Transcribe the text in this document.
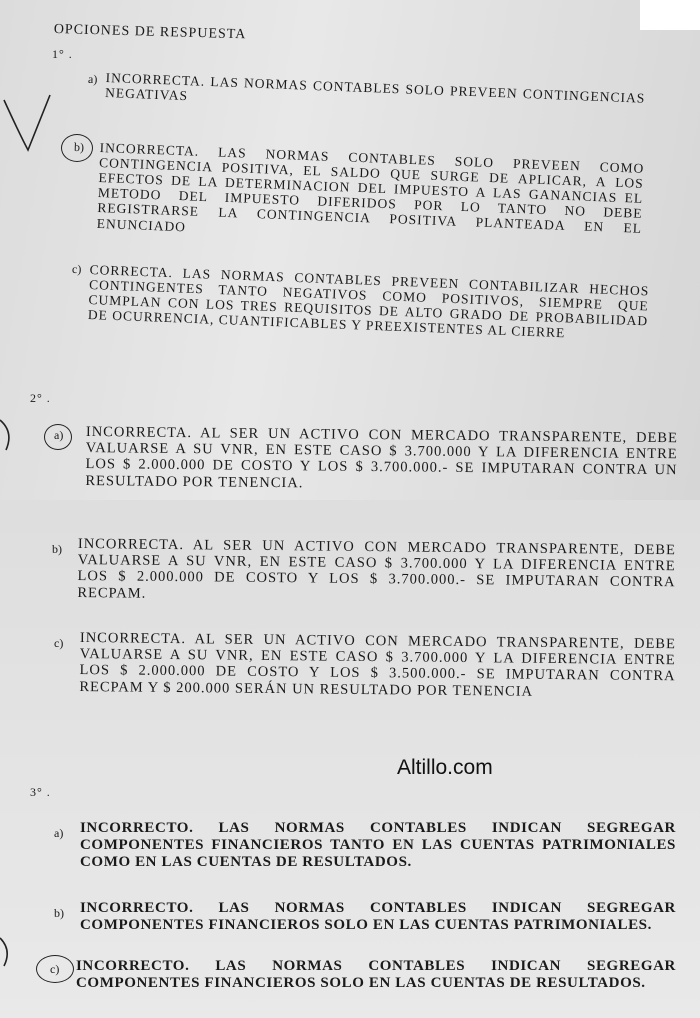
OPCIONES DE RESPUESTA

1° .

a) INCORRECTA. LAS NORMAS CONTABLES SOLO PREVEEN CONTINGENCIAS NEGATIVAS

b) INCORRECTA. LAS NORMAS CONTABLES SOLO PREVEEN COMO CONTINGENCIA POSITIVA, EL SALDO QUE SURGE DE APLICAR, A LOS EFECTOS DE LA DETERMINACION DEL IMPUESTO A LAS GANANCIAS EL METODO DEL IMPUESTO DIFERIDOS POR LO TANTO NO DEBE REGISTRARSE LA CONTINGENCIA POSITIVA PLANTEADA EN EL ENUNCIADO

c) CORRECTA. LAS NORMAS CONTABLES PREVEEN CONTABILIZAR HECHOS CONTINGENTES TANTO NEGATIVOS COMO POSITIVOS, SIEMPRE QUE CUMPLAN CON LOS TRES REQUISITOS DE ALTO GRADO DE PROBABILIDAD DE OCURRENCIA, CUANTIFICABLES Y PREEXISTENTES AL CIERRE

2° .

a) INCORRECTA. AL SER UN ACTIVO CON MERCADO TRANSPARENTE, DEBE VALUARSE A SU VNR, EN ESTE CASO $ 3.700.000 Y LA DIFERENCIA ENTRE LOS $ 2.000.000 DE COSTO Y LOS $ 3.700.000.- SE IMPUTARAN CONTRA UN RESULTADO POR TENENCIA.

b) INCORRECTA. AL SER UN ACTIVO CON MERCADO TRANSPARENTE, DEBE VALUARSE A SU VNR, EN ESTE CASO $ 3.700.000 Y LA DIFERENCIA ENTRE LOS $ 2.000.000 DE COSTO Y LOS $ 3.700.000.- SE IMPUTARAN CONTRA RECPAM.

c) INCORRECTA. AL SER UN ACTIVO CON MERCADO TRANSPARENTE, DEBE VALUARSE A SU VNR, EN ESTE CASO $ 3.700.000 Y LA DIFERENCIA ENTRE LOS $ 2.000.000 DE COSTO Y LOS $ 3.500.000.- SE IMPUTARAN CONTRA RECPAM Y $ 200.000 SERÁN UN RESULTADO POR TENENCIA

Altillo.com

3° .

a) INCORRECTO. LAS NORMAS CONTABLES INDICAN SEGREGAR COMPONENTES FINANCIEROS TANTO EN LAS CUENTAS PATRIMONIALES COMO EN LAS CUENTAS DE RESULTADOS.

b) INCORRECTO. LAS NORMAS CONTABLES INDICAN SEGREGAR COMPONENTES FINANCIEROS SOLO EN LAS CUENTAS PATRIMONIALES.

c) INCORRECTO. LAS NORMAS CONTABLES INDICAN SEGREGAR COMPONENTES FINANCIEROS SOLO EN LAS CUENTAS DE RESULTADOS.
